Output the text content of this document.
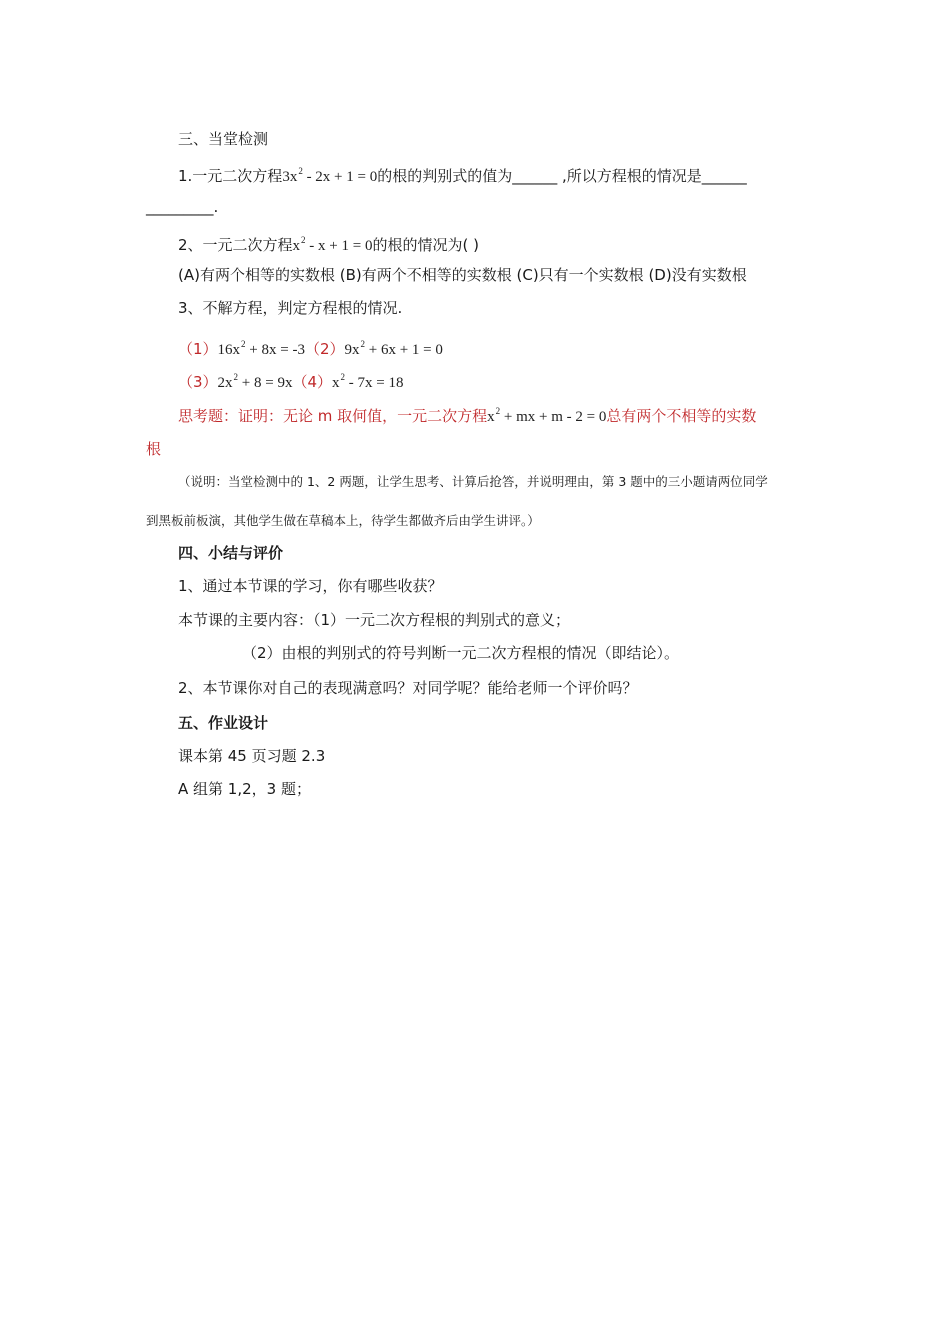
三、当堂检测
1.一元二次方程$3x^2 - 2x + 1 = 0$的根的判别式的值为______ ,所以方程根的情况是______
_________.
2、一元二次方程$x^2 - x + 1 = 0$的根的情况为( )
(A)有两个相等的实数根 (B)有两个不相等的实数根 (C)只有一个实数根 (D)没有实数根
3、不解方程，判定方程根的情况.
$(1)16x^2 + 8x = -3(2)9x^2 + 6x + 1 = 0$
$(3)2x^2 + 8 = 9x(4)x^2 - 7x = 18$
思考题：证明：无论 m 取何值，一元二次方程$x^2$ + mx + m - 2 = 0总有两个不相等的实数
根
（说明：当堂检测中的 1、2 两题，让学生思考、计算后抢答，并说明理由，第 3 题中的三小题请两位同学
到黑板前板演，其他学生做在草稿本上，待学生都做齐后由学生讲评。）
四、小结与评价
1、通过本节课的学习，你有哪些收获？
本节课的主要内容：（1）一元二次方程根的判别式的意义；
（2）由根的判别式的符号判断一元二次方程根的情况（即结论）。
2、本节课你对自己的表现满意吗？对同学呢？能给老师一个评价吗？
五、作业设计
课本第 45 页习题 2.3
A 组第 1,2，3 题；
